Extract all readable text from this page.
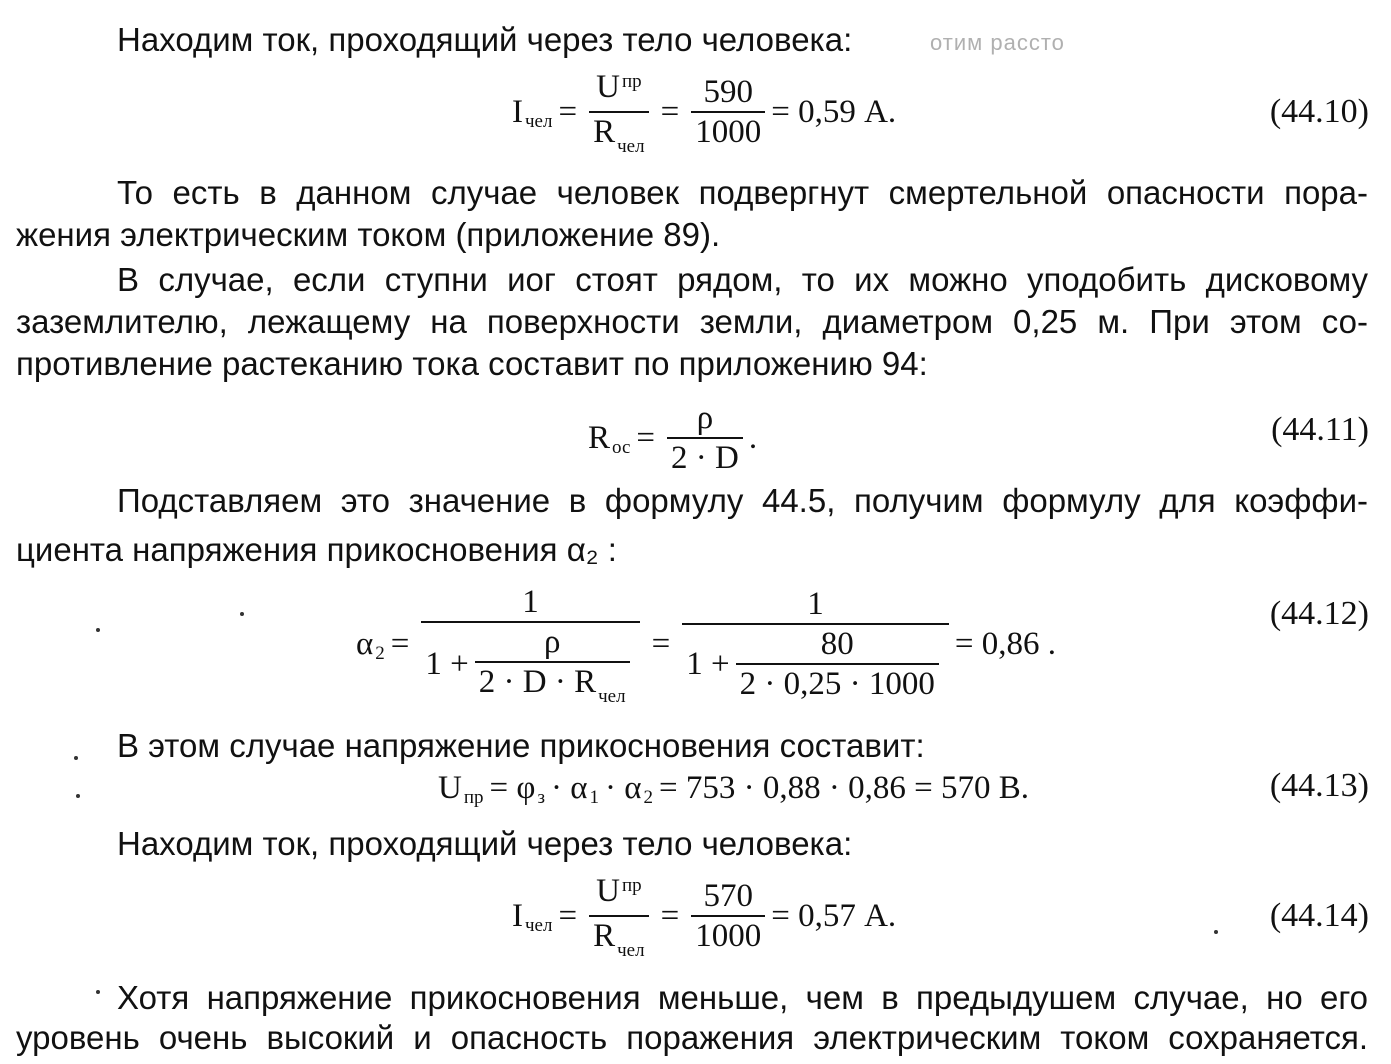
Находим ток, проходящий через тело человека:	отим рассто
I чел = $\frac{U ^{пр}}{R _{чел}} = \frac{590}{1000} = 0,59$ А.	(44.10)
То есть в данном случае человек подвергнут смертельной опасности пора-
жения электрическим током (приложение 89).
В случае, если ступни иог стоят рядом, то их можно уподобить дисковому
заземлителю, лежащему на поверхности земли, диаметром 0,25 м. При этом со-
противление растеканию тока составит по приложению 94:
R ос = $\frac{\rho}{2 \cdot D}$ .	(44.11)
Подставляем это значение в формулу 44.5, получим формулу для коэффи-
циента напряжения прикосновения α₂ :
α $2 = \frac{1}{1 + \frac{\rho}{2 \cdot D \cdot R _{чел}}}$ =
1
$1 + \frac{80}{2 \cdot 0,25 \cdot 1000} = 0,86$ .
(44.12)
В этом случае напряжение прикосновения составит:
U пр = φ з · α 1 · α 2 = 753 · 0,88 · 0,86 = 570 В.	(44.13)
Находим ток, проходящий через тело человека:
I чел = $\frac{U ^{пр}}{R _{чел}} = \frac{570}{1000} = 0,57$ А.	(44.14)
Хотя напряжение прикосновения меньше, чем в предыдушем случае, но его
уровень очень высокий и опасность поражения электрическим током сохраняется.
